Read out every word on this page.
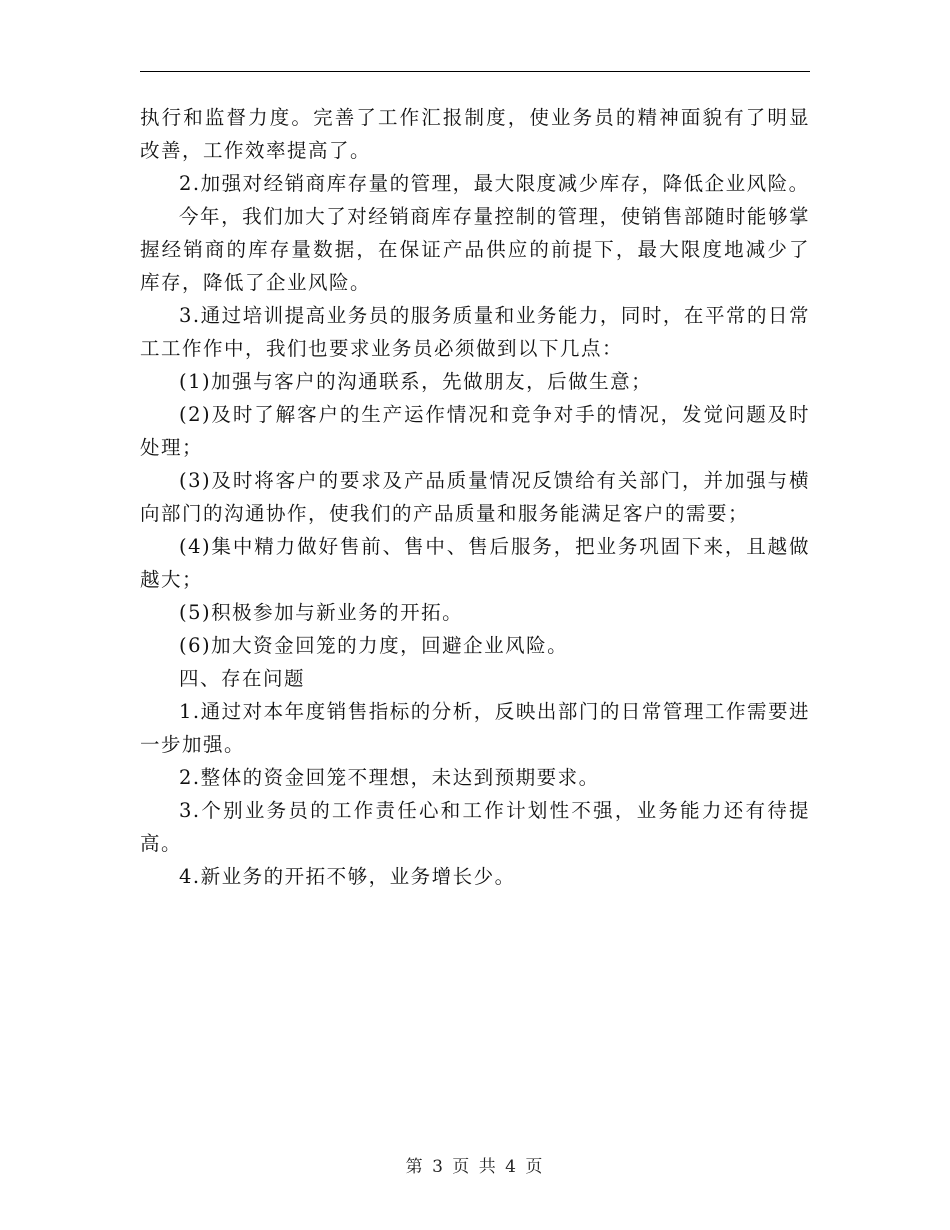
执行和监督力度。完善了工作汇报制度，使业务员的精神面貌有了明显改善，工作效率提高了。

2.加强对经销商库存量的管理，最大限度减少库存，降低企业风险。

今年，我们加大了对经销商库存量控制的管理，使销售部随时能够掌握经销商的库存量数据，在保证产品供应的前提下，最大限度地减少了库存，降低了企业风险。

3.通过培训提高业务员的服务质量和业务能力，同时，在平常的日常工工作作中，我们也要求业务员必须做到以下几点：

(1)加强与客户的沟通联系，先做朋友，后做生意；

(2)及时了解客户的生产运作情况和竞争对手的情况，发觉问题及时处理；

(3)及时将客户的要求及产品质量情况反馈给有关部门，并加强与横向部门的沟通协作，使我们的产品质量和服务能满足客户的需要；

(4)集中精力做好售前、售中、售后服务，把业务巩固下来，且越做越大；

(5)积极参加与新业务的开拓。

(6)加大资金回笼的力度，回避企业风险。

四、存在问题

1.通过对本年度销售指标的分析，反映出部门的日常管理工作需要进一步加强。

2.整体的资金回笼不理想，未达到预期要求。

3.个别业务员的工作责任心和工作计划性不强，业务能力还有待提高。

4.新业务的开拓不够，业务增长少。

第 3 页 共 4 页
